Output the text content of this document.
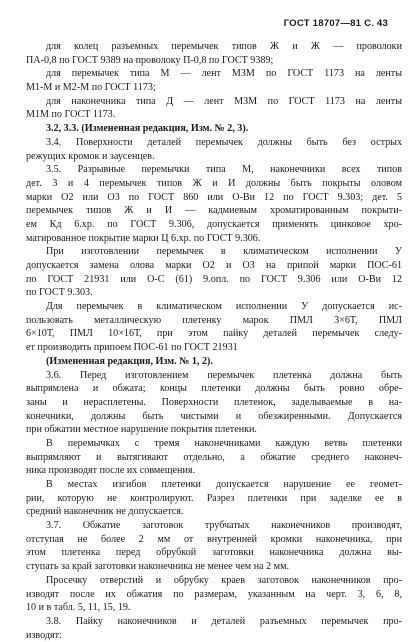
ГОСТ 18707—81 С. 43
для колец разъемных перемычек типов Ж и Ж — проволоки
ПА-0,8 по ГОСТ 9389 на проволоку П-0,8 по ГОСТ 9389;
для перемычек типа М — лент МЗМ по ГОСТ 1173 на ленты
М1-М и М2-М по ГОСТ 1173;
для наконечника типа Д — лент МЗМ по ГОСТ 1173 на ленты
М1М по ГОСТ 1173.
3.2, 3.3. (Измененная редакция, Изм. № 2, 3).
3.4. Поверхности деталей перемычек должны быть без острых
режущих кромок и заусенцев.
3.5. Разрывные перемычки типа М, наконечники всех типов
дет. 3 и 4 перемычек типов Ж и И должны быть покрыты оловом
марки О2 или О3 по ГОСТ 860 или О-Ви 12 по ГОСТ 9.303; дет. 5
перемычек типов Ж и И — кадмиевым хроматированным покрыти-
ем Кд 6.хр. по ГОСТ 9.306, допускается применять цинковое хро-
матированное покрытие марки Ц 6.хр. по ГОСТ 9.306.
При изготовлении перемычек в климатическом исполнении У
допускается замена олова марки О2 и О3 на припой марки ПОС-61
по ГОСТ 21931 или О-С (61) 9.опл. по ГОСТ 9.306 или О-Ви 12
по ГОСТ 9.303.
Для перемычек в климатическом исполнении У допускается ис-
пользовать металлическую плетенку марок ПМЛ 3×6Т, ПМЛ
6×10Т, ПМЛ 10×16Т, при этом пайку деталей перемычек следу-
ет производить припоем ПОС-61 по ГОСТ 21931
(Измененная редакция, Изм. № 1, 2).
3.6. Перед изготовлением перемычек плетенка должна быть
выпрямлена и обжата; концы плетенки должны быть ровно обре-
заны и нерасплетены. Поверхности плетенок, заделываемые в на-
конечники, должны быть чистыми и обезжиренными. Допускается
при обжатии местное нарушение покрытия плетенки.
В перемычках с тремя наконечниками каждую ветвь плетенки
выпрямляют и вытягивают отдельно, а обжатие среднего наконеч-
ника производят после их совмещения.
В местах изгибов плетенки допускается нарушение ее геомет-
рии, которую не контролируют. Разрез плетенки при заделке ее в
средний наконечник не допускается.
3.7. Обжатие заготовок трубчатых наконечников производят,
отступая не более 2 мм от внутренней кромки наконечника, при
этом плетенка перед обрубкой заготовки наконечника должна вы-
ступать за край заготовки наконечника не менее чем на 2 мм.
Просечку отверстий и обрубку краев заготовок наконечников про-
изводят после их обжатия по размерам, указанным на черт. 3, 6, 8,
10 и в табл. 5, 11, 15, 19.
3.8. Пайку наконечников и деталей разъемных перемычек про-
изводят:
